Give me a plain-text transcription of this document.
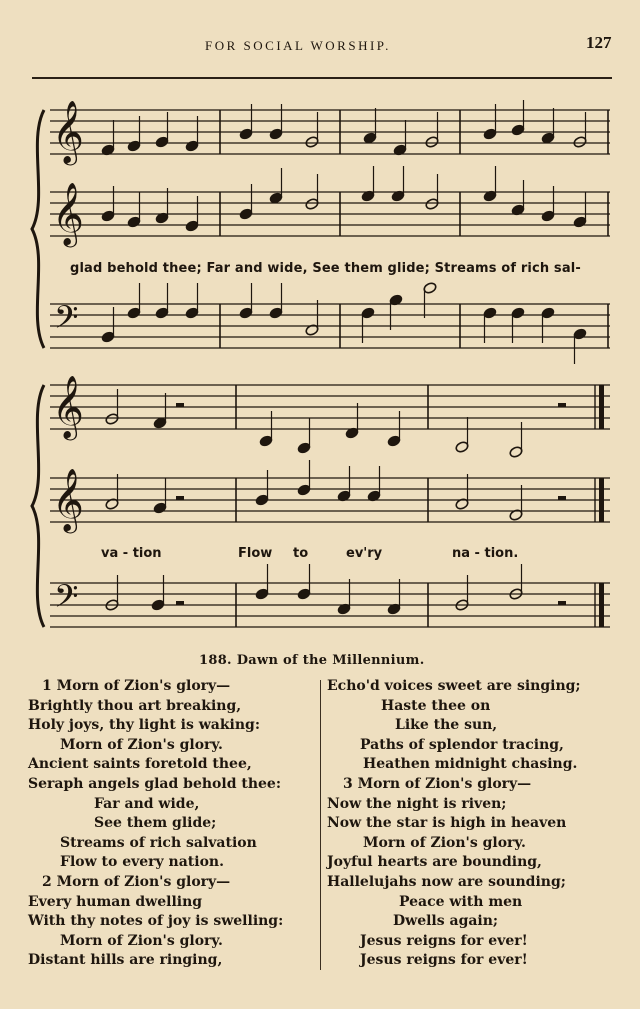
FOR SOCIAL WORSHIP.	127
𝄞
𝄞
𝄢
𝄞
𝄞
𝄢
glad behold thee; Far and wide, See them glide; Streams of rich sal-
va - tion	Flow to	ev'ry	na - tion.
188. Dawn of the Millennium.
1 Morn of Zion's glory—
Brightly thou art breaking,
Holy joys, thy light is waking:
Morn of Zion's glory.
Ancient saints foretold thee,
Seraph angels glad behold thee:
Far and wide,
See them glide;
Streams of rich salvation
Flow to every nation.
2 Morn of Zion's glory—
Every human dwelling
With thy notes of joy is swelling:
Morn of Zion's glory.
Distant hills are ringing,
Echo'd voices sweet are singing;
Haste thee on
Like the sun,
Paths of splendor tracing,
Heathen midnight chasing.
3 Morn of Zion's glory—
Now the night is riven;
Now the star is high in heaven
Morn of Zion's glory.
Joyful hearts are bounding,
Hallelujahs now are sounding;
Peace with men
Dwells again;
Jesus reigns for ever!
Jesus reigns for ever!
